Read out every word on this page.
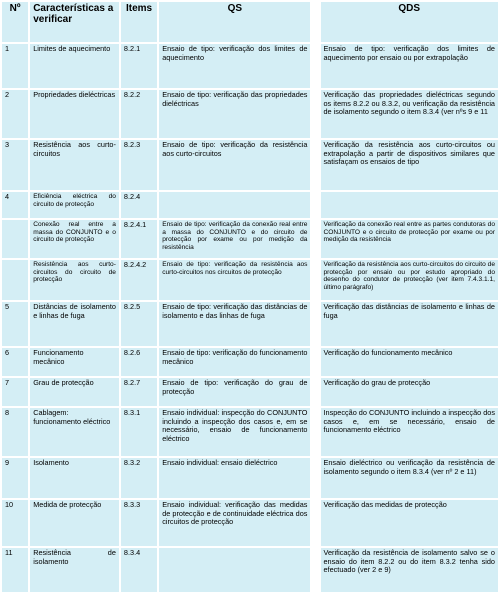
Nº	Características a verificar	Items	QS		QDS
1	Limites de aquecimento	8.2.1	Ensaio de tipo: verificação dos limites de aquecimento		Ensaio de tipo: verificação dos limites de aquecimento por ensaio ou por extrapolação
2	Propriedades dieléctricas	8.2.2	Ensaio de tipo: verificação das propriedades dieléctricas		Verificação das propriedades dieléctricas segundo os items 8.2.2 ou 8.3.2, ou verificação da resistência de isolamento segundo o item 8.3.4 (ver nºs 9 e 11
3	Resistência aos curto-circuitos	8.2.3	Ensaio de tipo: verificação da resistência aos curto-circuitos		Verificação da resistência aos curto-circuitos ou extrapolação a partir de dispositivos similares que satisfaçam os ensaios de tipo
4	Eficiência eléctrica do circuito de protecção	8.2.4			
	Conexão real entre a massa do CONJUNTO e o circuito de protecção	8.2.4.1	Ensaio de tipo: verificação da conexão real entre a massa do CONJUNTO e do circuito de protecção por exame ou por medição da resistência		Verificação da conexão real entre as partes condutoras do CONJUNTO e o circuito de protecção por exame ou por medição da resistência
	Resistência aos curto-circuitos do circuito de protecção	8.2.4.2	Ensaio de tipo: verificação da resistência aos curto-circuitos nos circuitos de protecção		Verificação da resistência aos curto-circuitos do circuito de protecção por ensaio ou por estudo apropriado do desenho do condutor de protecção (ver item 7.4.3.1.1, último parágrafo)
5	Distâncias de isolamento e linhas de fuga	8.2.5	Ensaio de tipo: verificação das distâncias de isolamento e das linhas de fuga		Verificação das distâncias de isolamento e linhas de fuga
6	Funcionamento mecânico	8.2.6	Ensaio de tipo: verificação do funcionamento mecânico		Verificação do funcionamento mecânico
7	Grau de protecção	8.2.7	Ensaio de tipo: verificação do grau de protecção		Verificação do grau de protecção
8	Cablagem: funcionamento eléctrico	8.3.1	Ensaio individual: inspecção do CONJUNTO incluindo a inspecção dos casos e, em se necessário, ensaio de funcionamento eléctrico		Inspecção do CONJUNTO incluindo a inspecção dos casos e, em se necessário, ensaio de funcionamento eléctrico
9	Isolamento	8.3.2	Ensaio individual: ensaio dieléctrico		Ensaio dieléctrico ou verificação da resistência de isolamento segundo o item 8.3.4 (ver nº 2 e 11)
10	Medida de protecção	8.3.3	Ensaio individual: verificação das medidas de protecção e de continuidade eléctrica dos circuitos de protecção		Verificação das medidas de protecção
11	Resistência de isolamento	8.3.4			Verificação da resistência de isolamento salvo se o ensaio do item 8.2.2 ou do item 8.3.2 tenha sido efectuado (ver 2 e 9)
